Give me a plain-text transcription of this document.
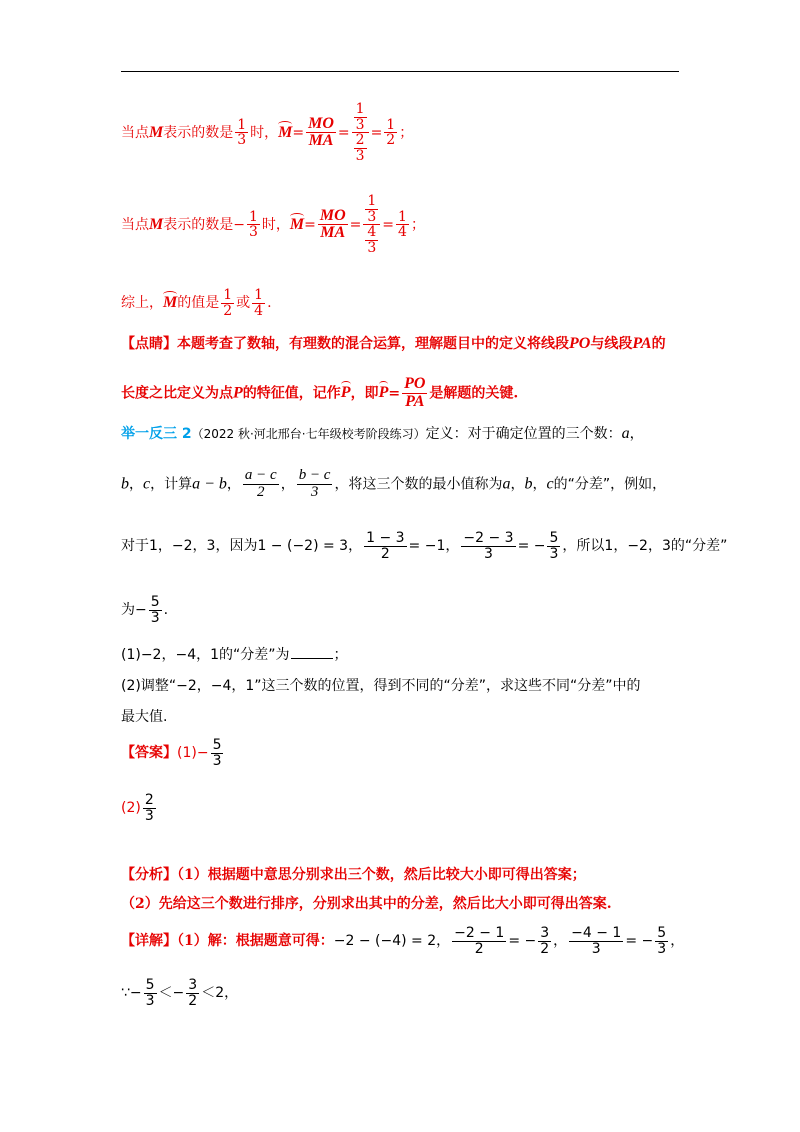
当点M表示的数是 $\frac{1}{3}$ 时，$M= \frac{MO}{MA} = \frac{\frac{1}{3}}{\frac{2}{3}} = \frac{1}{2}$ ；
当点M表示的数是− $\frac{1}{3}$ 时，$M= \frac{MO}{MA} = \frac{\frac{1}{3}}{\frac{4}{3}} = \frac{1}{4}$ ；
综上，M的值是 $\frac{1}{2}$ 或 $\frac{1}{4}$ .
【点睛】本题考查了数轴，有理数的混合运算，理解题目中的定义将线段PO与线段PA的
长度之比定义为点P的特征值，记作P，即$P= \frac{PO}{PA}$ 是解题的关键.
举一反三 2（2022 秋·河北邢台·七年级校考阶段练习）定义：对于确定位置的三个数：a，
b，c，计算a − b， $\frac{a - c}{2}$ ， $\frac{b - c}{3}$ ，将这三个数的最小值称为a，b，c的“分差”，例如，
对于1，−2，3，因为1 − (−2) = 3， $\frac{1 - 3}{2} = -1$， $\frac{-2 - 3}{3}$ = − $\frac{5}{3}$ ，所以1，−2，3的“分差”
为− $\frac{5}{3}$ .
(1)−2，−4，1的“分差”为	；
(2)调整“−2，−4，1”这三个数的位置，得到不同的“分差”，求这些不同“分差”中的
最大值.
【答案】$(1)- \frac{5}{3}$
$(2) \frac{2}{3}$
【分析】（1）根据题中意思分别求出三个数，然后比较大小即可得出答案；
（2）先给这三个数进行排序，分别求出其中的分差，然后比大小即可得出答案.
【详解】（1）解：根据题意可得：−2 − (−4) = 2， $\frac{-2 - 1}{2}$ = − $\frac{3}{2}$ ， $\frac{-4 - 1}{3}$ = − $\frac{5}{3}$ ，
∵− $\frac{5}{3} <- \frac{3}{2} <2$，
